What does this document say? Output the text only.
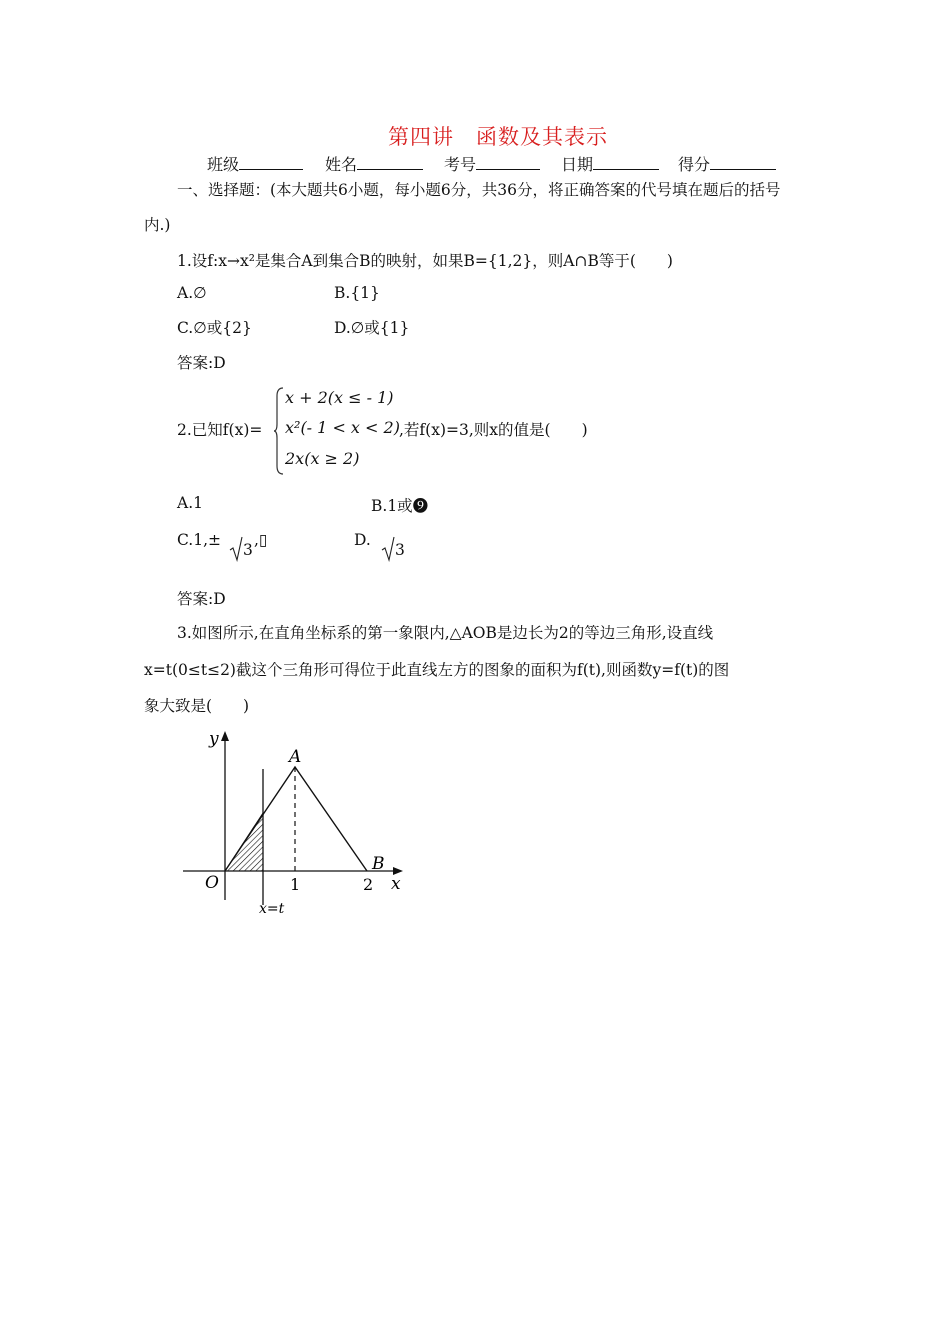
第四讲　函数及其表示
班级	姓名	考号	日期	得分
一、选择题：(本大题共6小题，每小题6分，共36分，将正确答案的代号填在题后的括号
内.)
1.设f:x→x²是集合A到集合B的映射，如果B={1,2}，则A∩B等于(　　)
A.∅	B.{1}
C.∅或{2}	D.∅或{1}
答案:D
2.已知f(x)=
x + 2(x ≤ - 1)
x²(- 1 < x < 2)
2x(x ≥ 2)
,若f(x)=3,则x的值是(　　)
A.1	B.1或❾
C.1,±
3
,▯	D.
3
答案:D
3.如图所示,在直角坐标系的第一象限内,△AOB是边长为2的等边三角形,设直线
x=t(0≤t≤2)截这个三角形可得位于此直线左方的图象的面积为f(t),则函数y=f(t)的图
象大致是(　　)
y
x
O
A
B
1	2
x=t
